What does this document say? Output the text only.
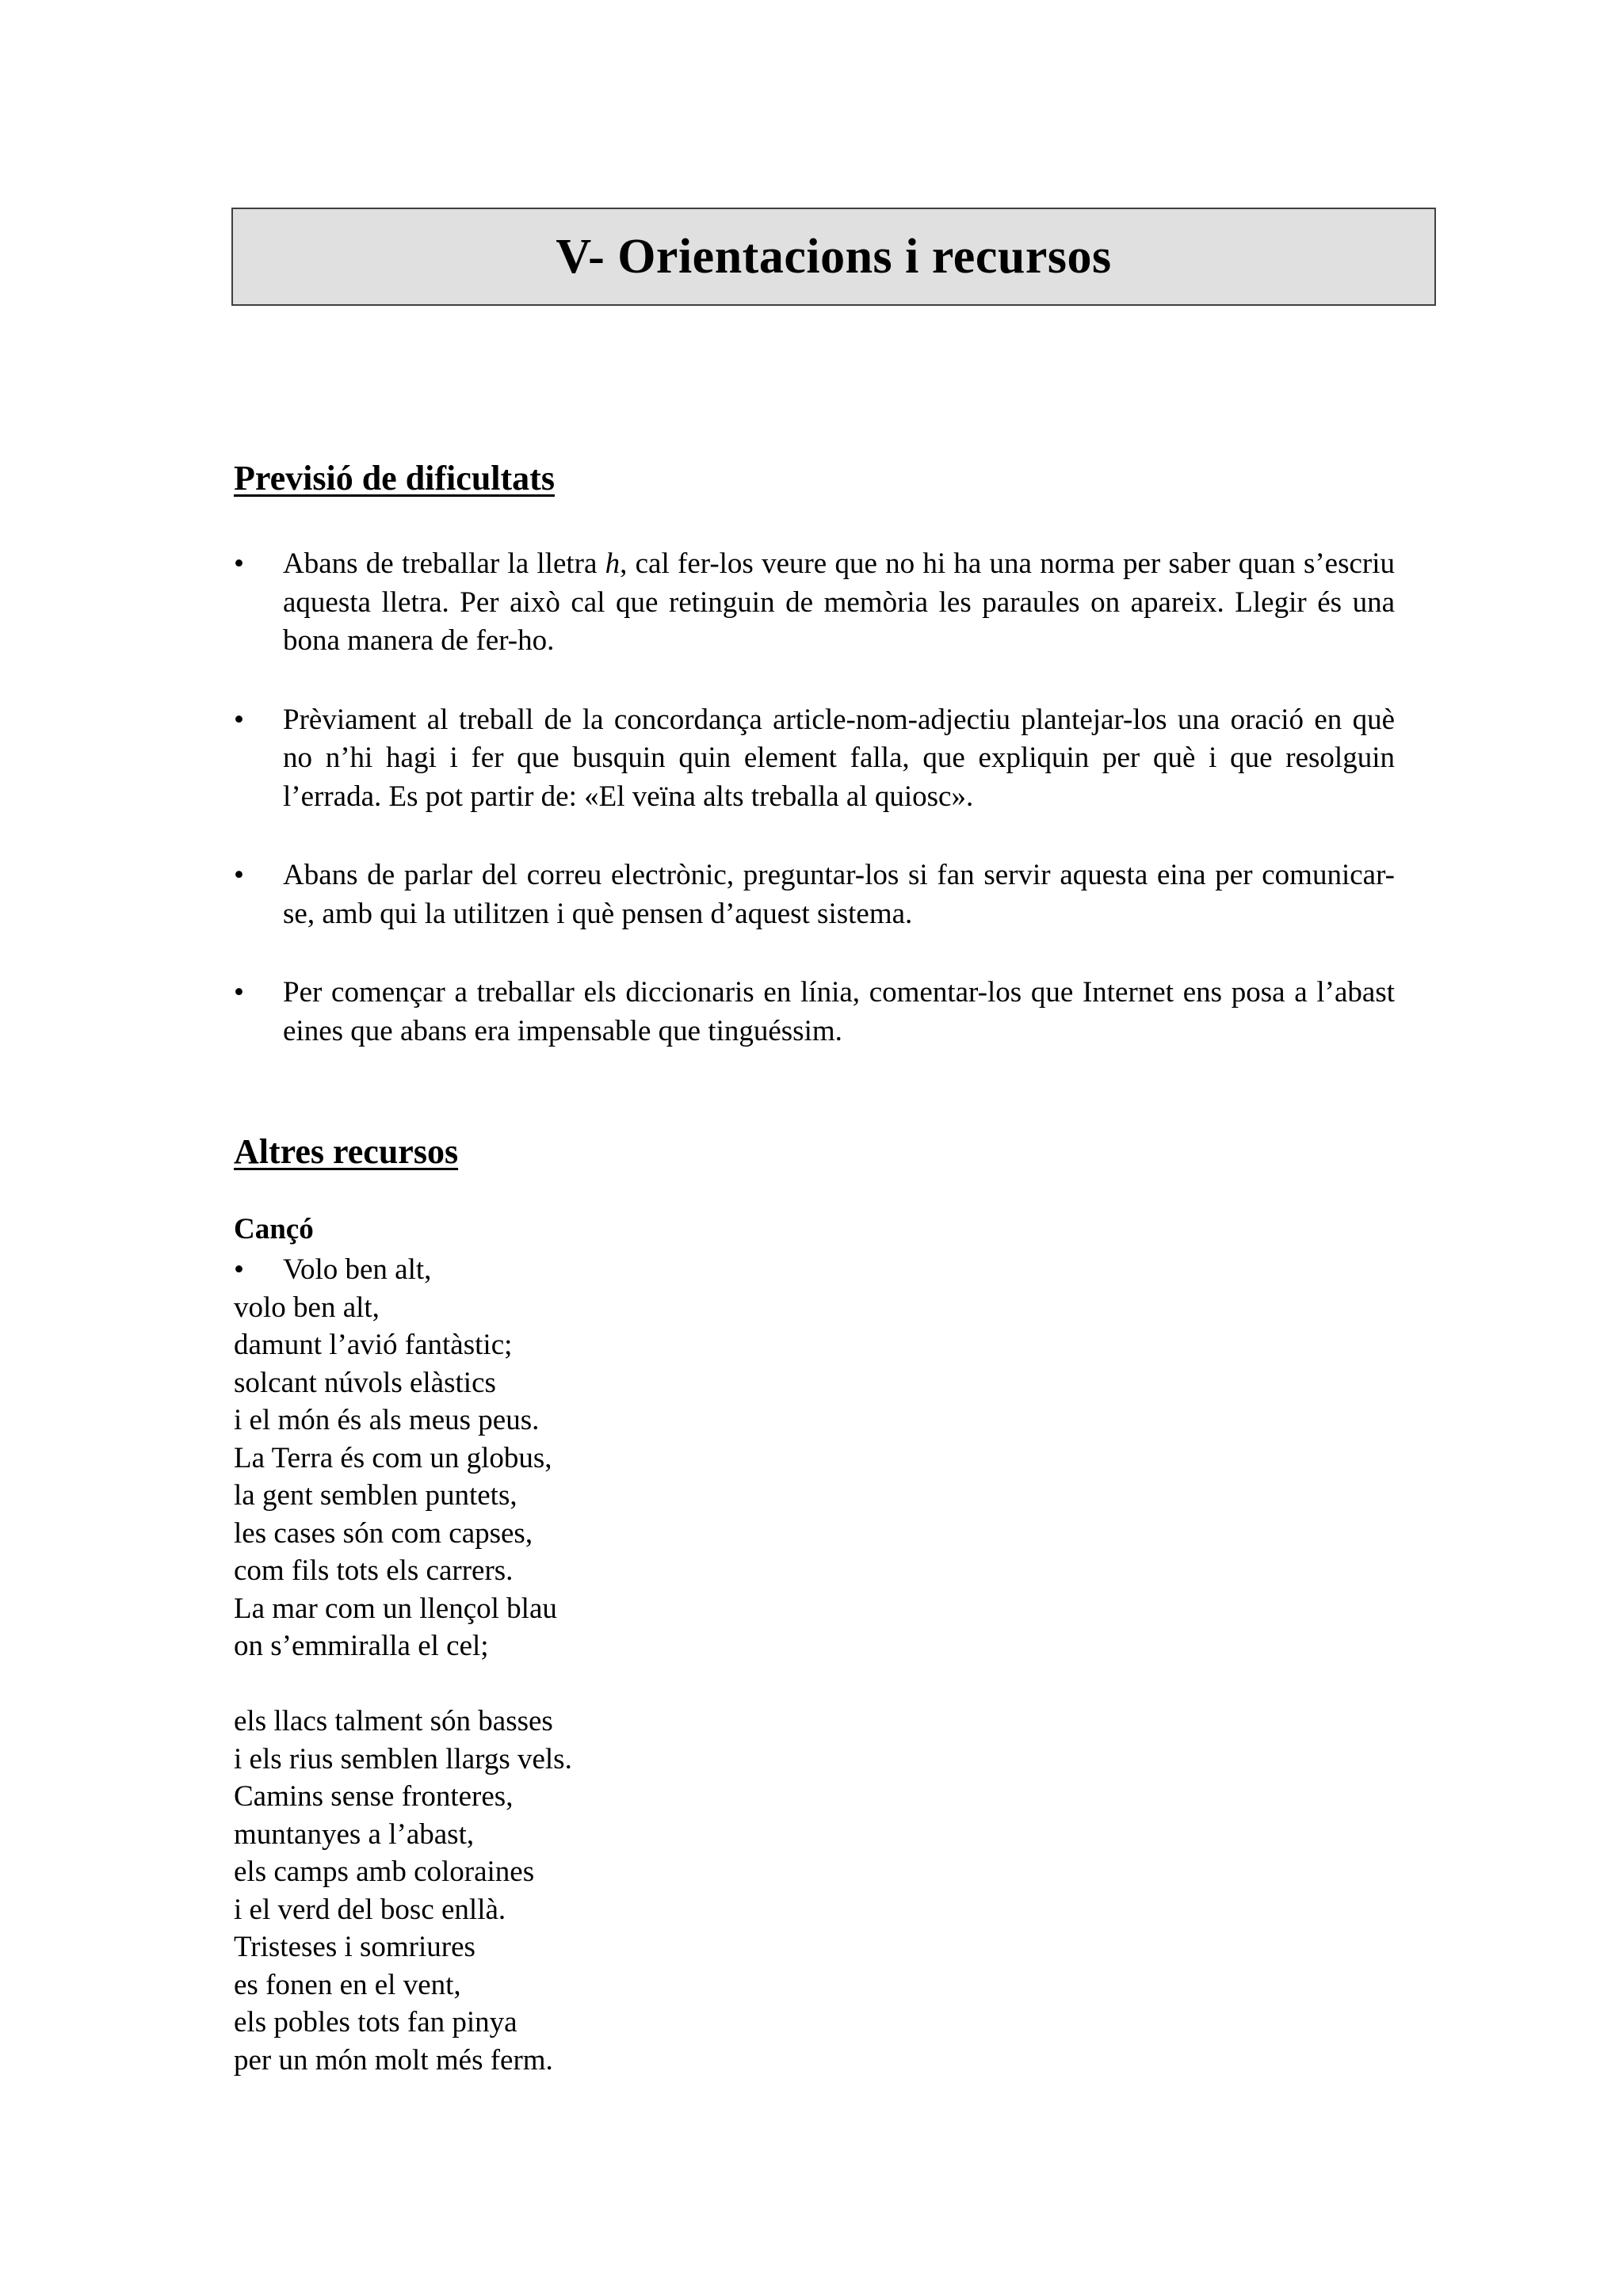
V- Orientacions i recursos
Previsió de dificultats
• Abans de treballar la lletra h, cal fer-los veure que no hi ha una norma per saber quan s’escriu aquesta lletra. Per això cal que retinguin de memòria les paraules on apareix. Llegir és una bona manera de fer-ho.
• Prèviament al treball de la concordança article-nom-adjectiu plantejar-los una oració en què no n’hi hagi i fer que busquin quin element falla, que expliquin per què i que resolguin l’errada. Es pot partir de: «El veïna alts treballa al quiosc».
• Abans de parlar del correu electrònic, preguntar-los si fan servir aquesta eina per comunicar-se, amb qui la utilitzen i què pensen d’aquest sistema.
• Per començar a treballar els diccionaris en línia, comentar-los que Internet ens posa a l’abast eines que abans era impensable que tinguéssim.
Altres recursos
Cançó
• Volo ben alt,
volo ben alt,
damunt l’avió fantàstic;
solcant núvols elàstics
i el món és als meus peus.
La Terra és com un globus,
la gent semblen puntets,
les cases són com capses,
com fils tots els carrers.
La mar com un llençol blau
on s’emmiralla el cel;
els llacs talment són basses
i els rius semblen llargs vels.
Camins sense fronteres,
muntanyes a l’abast,
els camps amb coloraines
i el verd del bosc enllà.
Tristeses i somriures
es fonen en el vent,
els pobles tots fan pinya
per un món molt més ferm.
